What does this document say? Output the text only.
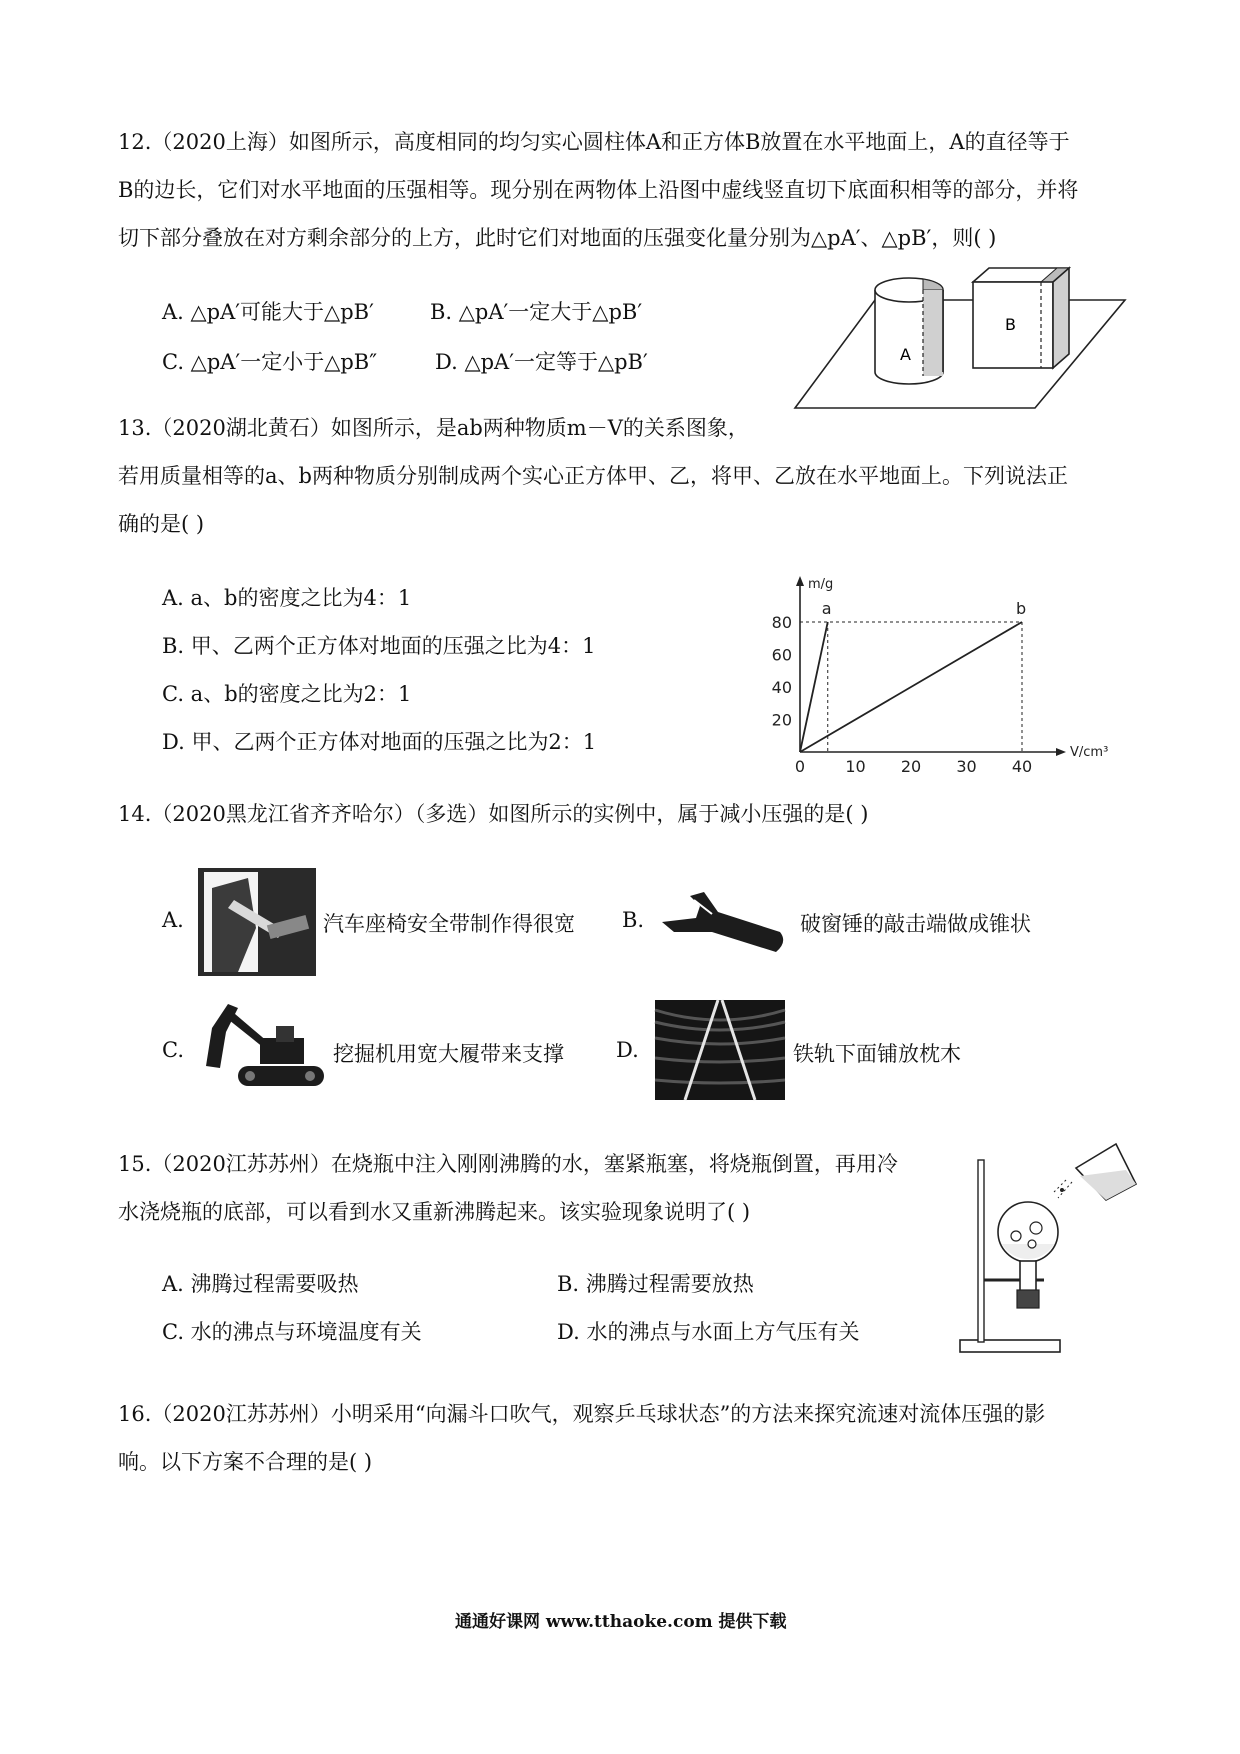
12.（2020上海）如图所示，高度相同的均匀实心圆柱体A和正方体B放置在水平地面上，A的直径等于
B的边长，它们对水平地面的压强相等。现分别在两物体上沿图中虚线竖直切下底面积相等的部分，并将
切下部分叠放在对方剩余部分的上方，此时它们对地面的压强变化量分别为△pA′、△pB′，则( )
A. △pA′可能大于△pB′	B. △pA′一定大于△pB′
C. △pA′一定小于△pB″	D. △pA′一定等于△pB′	A
B
13.（2020湖北黄石）如图所示，是ab两种物质m－V的关系图象，
若用质量相等的a、b两种物质分别制成两个实心正方体甲、乙，将甲、乙放在水平地面上。下列说法正
确的是( )
A. a、b的密度之比为4：1
B. 甲、乙两个正方体对地面的压强之比为4：1
C. a、b的密度之比为2：1
D. 甲、乙两个正方体对地面的压强之比为2：1
m/g
V/cm³
0	10 20 30 40
20
40
60
80
a	b
14.（2020黑龙江省齐齐哈尔）（多选）如图所示的实例中，属于减小压强的是( )
A.	汽车座椅安全带制作得很宽 B.	破窗锤的敲击端做成锥状
C.	挖掘机用宽大履带来支撑 D.	铁轨下面铺放枕木
15.（2020江苏苏州）在烧瓶中注入刚刚沸腾的水，塞紧瓶塞，将烧瓶倒置，再用冷
水浇烧瓶的底部，可以看到水又重新沸腾起来。该实验现象说明了( )
A. 沸腾过程需要吸热	B. 沸腾过程需要放热
C. 水的沸点与环境温度有关	D. 水的沸点与水面上方气压有关
16.（2020江苏苏州）小明采用“向漏斗口吹气，观察乒乓球状态”的方法来探究流速对流体压强的影
响。以下方案不合理的是( )
通通好课网 www.tthaoke.com 提供下载
